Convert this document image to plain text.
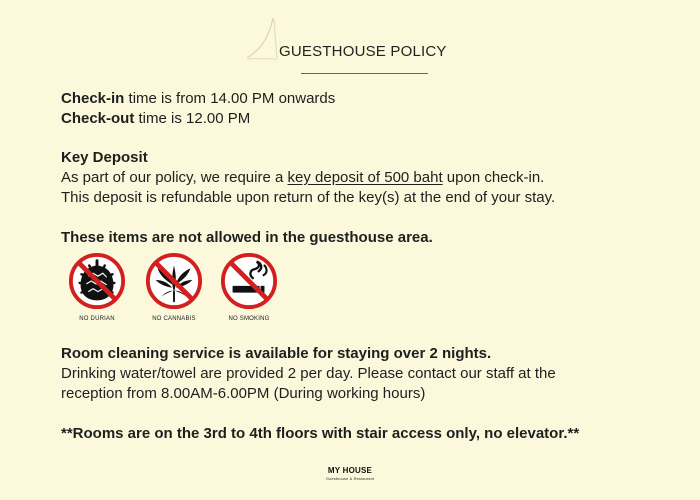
GUESTHOUSE POLICY
Check-in time is from 14.00 PM onwards
Check-out time is 12.00 PM
Key Deposit
As part of our policy, we require a key deposit of 500 baht upon check-in.
This deposit is refundable upon return of the key(s) at the end of your stay.
These items are not allowed in the guesthouse area.
NO DURIAN	NO CANNABIS	NO SMOKING
Room cleaning service is available for staying over 2 nights.
Drinking water/towel are provided 2 per day. Please contact our staff at the
reception from 8.00AM-6.00PM (During working hours)
**Rooms are on the 3rd to 4th floors with stair access only, no elevator.**
MY HOUSE
Guesthouse & Restaurant
